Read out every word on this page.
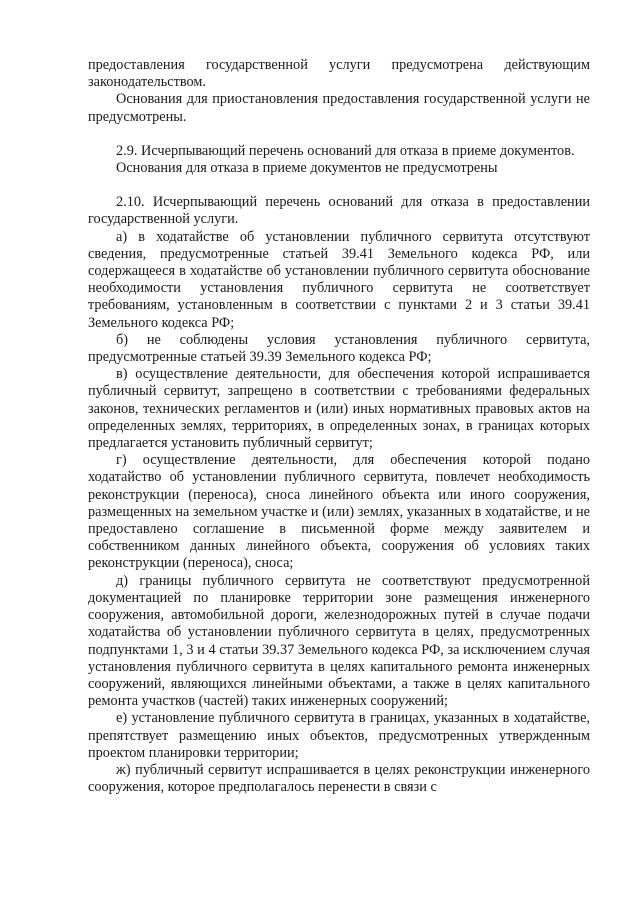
предоставления государственной услуги предусмотрена действующим законодательством.

Основания для приостановления предоставления государственной услуги не предусмотрены.

2.9. Исчерпывающий перечень оснований для отказа в приеме документов.

Основания для отказа в приеме документов не предусмотрены

2.10. Исчерпывающий перечень оснований для отказа в предоставлении государственной услуги.

а) в ходатайстве об установлении публичного сервитута отсутствуют сведения, предусмотренные статьей 39.41 Земельного кодекса РФ, или содержащееся в ходатайстве об установлении публичного сервитута обоснование необходимости установления публичного сервитута не соответствует требованиям, установленным в соответствии с пунктами 2 и 3 статьи 39.41 Земельного кодекса РФ;

б) не соблюдены условия установления публичного сервитута, предусмотренные статьей 39.39 Земельного кодекса РФ;

в) осуществление деятельности, для обеспечения которой испрашивается публичный сервитут, запрещено в соответствии с требованиями федеральных законов, технических регламентов и (или) иных нормативных правовых актов на определенных землях, территориях, в определенных зонах, в границах которых предлагается установить публичный сервитут;

г) осуществление деятельности, для обеспечения которой подано ходатайство об установлении публичного сервитута, повлечет необходимость реконструкции (переноса), сноса линейного объекта или иного сооружения, размещенных на земельном участке и (или) землях, указанных в ходатайстве, и не предоставлено соглашение в письменной форме между заявителем и собственником данных линейного объекта, сооружения об условиях таких реконструкции (переноса), сноса;

д) границы публичного сервитута не соответствуют предусмотренной документацией по планировке территории зоне размещения инженерного сооружения, автомобильной дороги, железнодорожных путей в случае подачи ходатайства об установлении публичного сервитута в целях, предусмотренных подпунктами 1, 3 и 4 статьи 39.37 Земельного кодекса РФ, за исключением случая установления публичного сервитута в целях капитального ремонта инженерных сооружений, являющихся линейными объектами, а также в целях капитального ремонта участков (частей) таких инженерных сооружений;

е) установление публичного сервитута в границах, указанных в ходатайстве, препятствует размещению иных объектов, предусмотренных утвержденным проектом планировки территории;

ж) публичный сервитут испрашивается в целях реконструкции инженерного сооружения, которое предполагалось перенести в связи с
